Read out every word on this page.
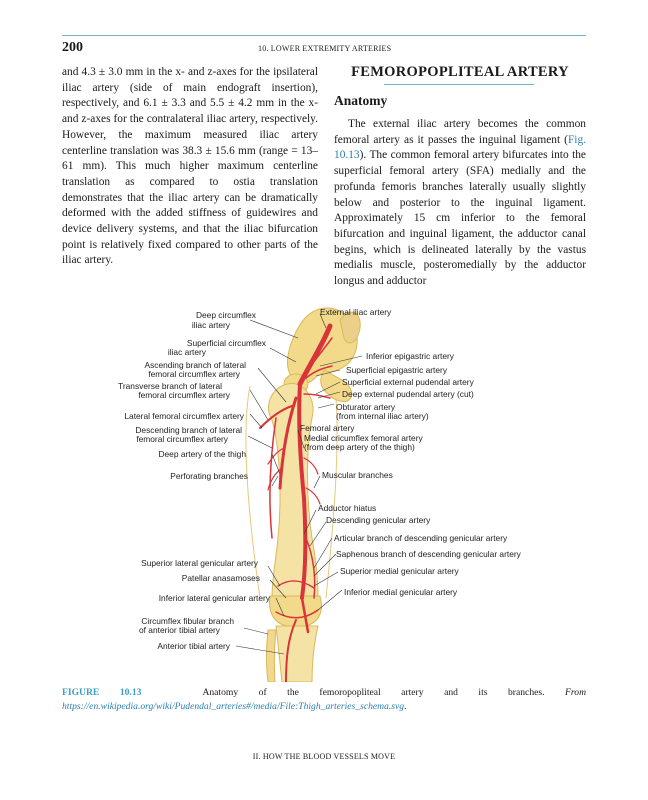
200	10. LOWER EXTREMITY ARTERIES

and 4.3 ± 3.0 mm in the x- and z-axes for the ipsilateral iliac artery (side of main endograft insertion), respectively, and 6.1 ± 3.3 and 5.5 ± 4.2 mm in the x- and z-axes for the contralateral iliac artery, respectively. However, the maximum measured iliac artery centerline translation was 38.3 ± 15.6 mm (range = 13–61 mm). This much higher maximum centerline translation as compared to ostia translation demonstrates that the iliac artery can be dramatically deformed with the added stiffness of guidewires and device delivery systems, and that the iliac bifurcation point is relatively fixed compared to other parts of the iliac artery.

FEMOROPOPLITEAL ARTERY
Anatomy

The external iliac artery becomes the common femoral artery as it passes the inguinal ligament (Fig. 10.13). The common femoral artery bifurcates into the superficial femoral artery (SFA) medially and the profunda femoris branches laterally usually slightly below and posterior to the inguinal ligament. Approximately 15 cm inferior to the femoral bifurcation and inguinal ligament, the adductor canal begins, which is delineated laterally by the vastus medialis muscle, posteromedially by the adductor longus and adductor

Deep circumflex
iliac artery
Superficial circumflex
iliac artery
Ascending branch of lateral
femoral circumflex artery
Transverse branch of lateral
femoral circumflex artery
Lateral femoral circumflex artery
Descending branch of lateral
femoral circumflex artery
Deep artery of the thigh
Perforating branches
Superior lateral genicular artery
Patellar anasamoses
Inferior lateral genicular artery
Circumflex fibular branch
of anterior tibial artery
Anterior tibial artery
External iliac artery
Inferior epigastric artery
Superficial epigastric artery
Superficial external pudendal artery
Deep external pudendal artery (cut)
Obturator artery
(from internal iliac artery)
Femoral artery
Medial cricumflex femoral artery
(from deep artery of the thigh)
Muscular branches
Adductor hiatus
Descending genicular artery
Articular branch of descending genicular artery
Saphenous branch of descending genicular artery
Superior medial genicular artery
Inferior medial genicular artery
FIGURE 10.13	Anatomy of the femoropopliteal artery and its branches. From https://en.wikipedia.org/wiki/Pudendal_arteries#/media/File:Thigh_arteries_schema.svg.
II. HOW THE BLOOD VESSELS MOVE
